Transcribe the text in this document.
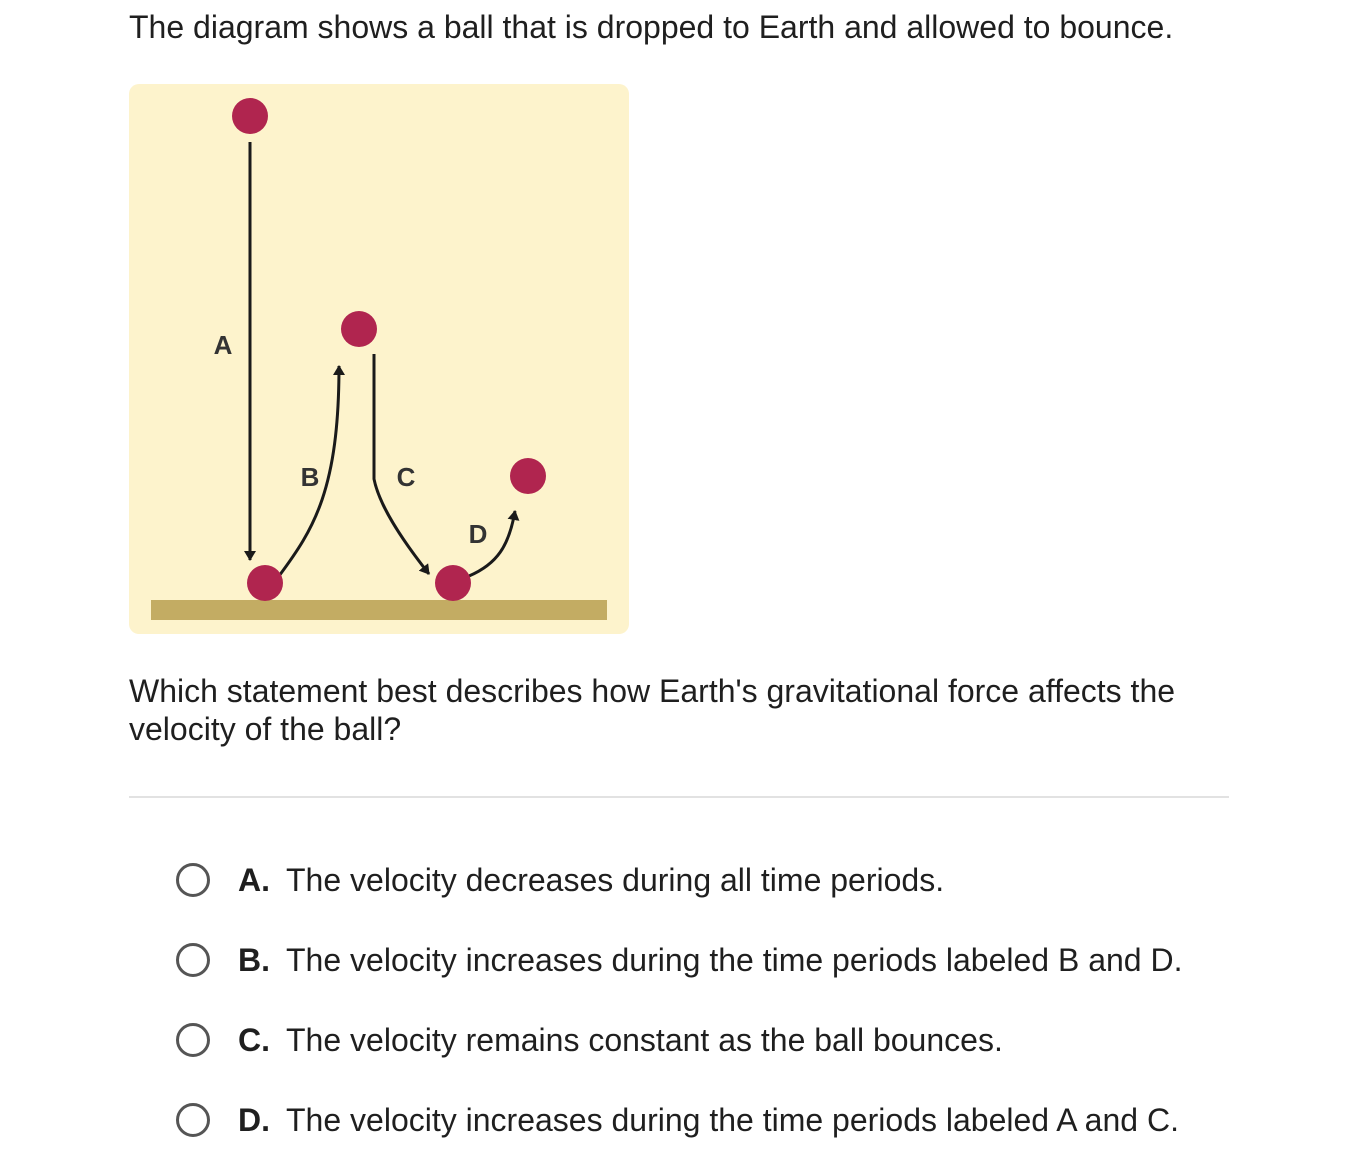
The diagram shows a ball that is dropped to Earth and allowed to bounce.
A
B	C
D

Which statement best describes how Earth's gravitational force affects the velocity of the ball?

A. The velocity decreases during all time periods.
B. The velocity increases during the time periods labeled B and D.
C. The velocity remains constant as the ball bounces.
D. The velocity increases during the time periods labeled A and C.
